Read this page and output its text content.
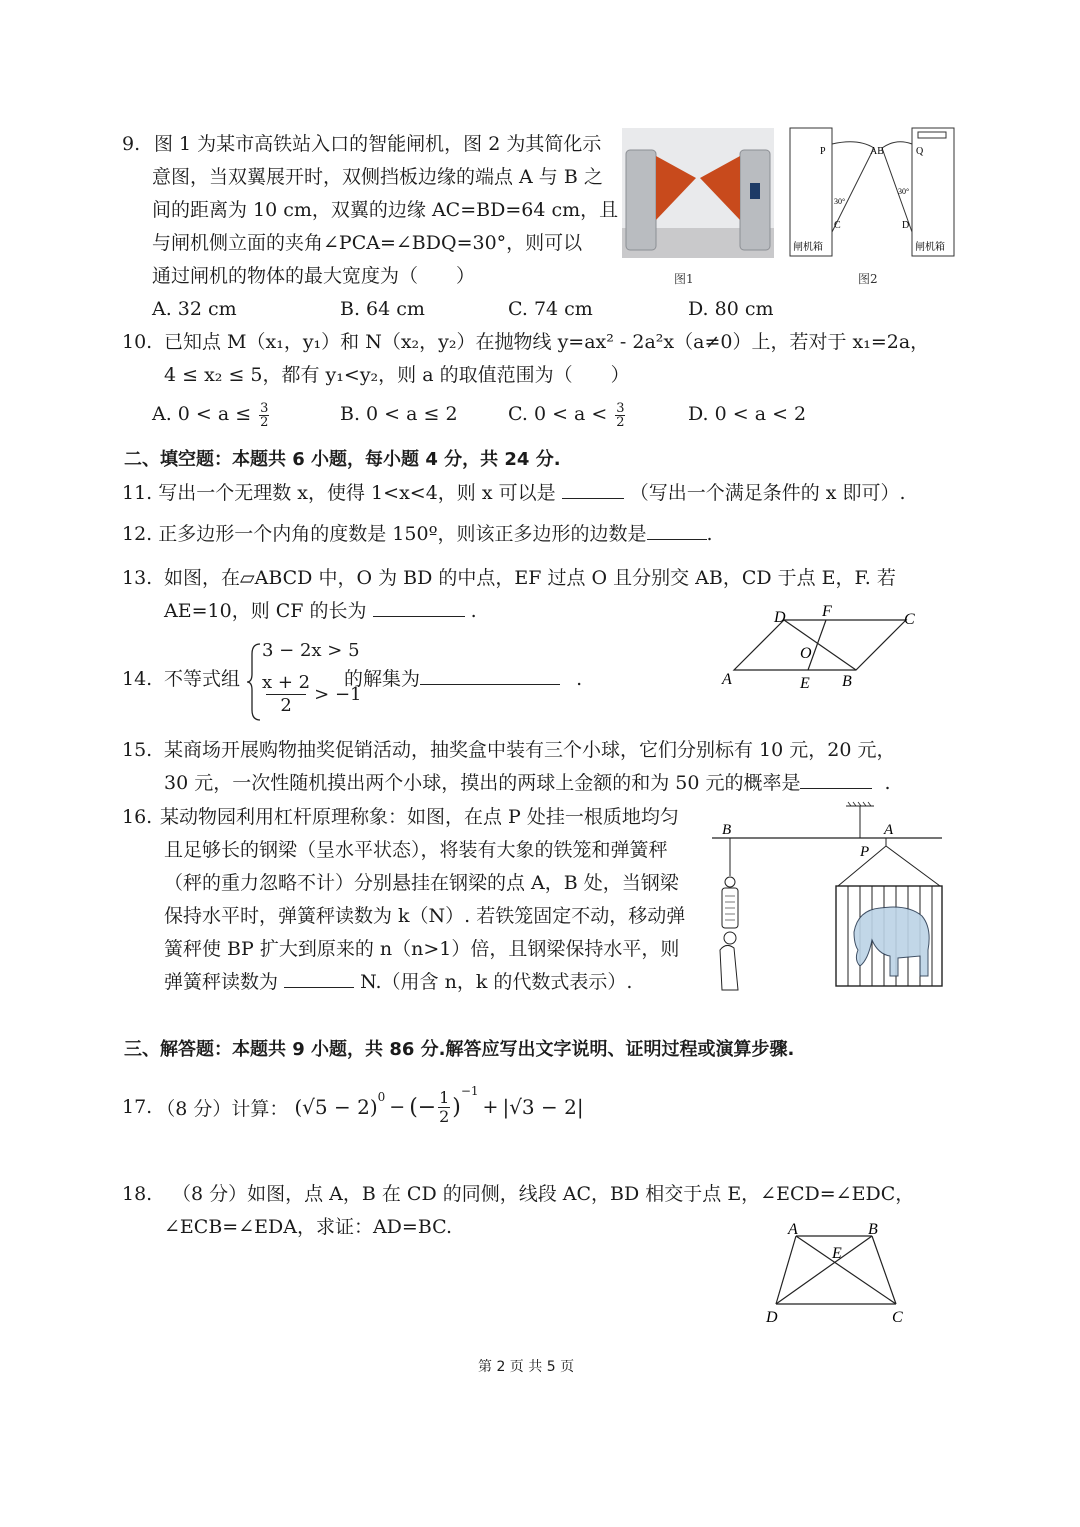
9. 图 1 为某市高铁站入口的智能闸机，图 2 为其简化示
意图，当双翼展开时，双侧挡板边缘的端点 A 与 B 之
间的距离为 10 cm，双翼的边缘 AC=BD=64 cm，且
与闸机侧立面的夹角∠PCA=∠BDQ=30°，则可以
通过闸机的物体的最大宽度为（　　）
A. 32 cm	B. 64 cm	C. 74 cm	D. 80 cm
图1
P	Q
AB
C	D
30°
30°
闸机箱	闸机箱
图2
10. 已知点 M（x₁，y₁）和 N（x₂，y₂）在抛物线 y=ax² - 2a²x（a≠0）上，若对于 x₁=2a，
4 ≤ x₂ ≤ 5，都有 y₁<y₂，则 a 的取值范围为（　　）
A. $0 < a \le \frac{3}{2}$	B. 0 < a ≤ 2	C. $0 < a < \frac{3}{2}$	D. 0 < a < 2
二、填空题：本题共 6 小题，每小题 4 分，共 24 分.
11. 写出一个无理数 x，使得 1<x<4，则 x 可以是	（写出一个满足条件的 x 即可）.
12. 正多边形一个内角的度数是 150º，则该正多边形的边数是	.
13. 如图，在▱ABCD 中，O 为 BD 的中点，EF 过点 O 且分别交 AB，CD 于点 E，F. 若
AE=10，则 CF 的长为	.
A	B
C
D
E
F
O
14. 不等式组
3 − 2x > 5
x + 2
2
> −1
的解集为	.
15. 某商场开展购物抽奖促销活动，抽奖盒中装有三个小球，它们分别标有 10 元，20 元，
30 元，一次性随机摸出两个小球，摸出的两球上金额的和为 50 元的概率是	.
16. 某动物园利用杠杆原理称象：如图，在点 P 处挂一根质地均匀
且足够长的钢梁（呈水平状态），将装有大象的铁笼和弹簧秤
（秤的重力忽略不计）分别悬挂在钢梁的点 A，B 处，当钢梁
保持水平时，弹簧秤读数为 k（N）. 若铁笼固定不动，移动弹
簧秤使 BP 扩大到原来的 n（n>1）倍，且钢梁保持水平，则
弹簧秤读数为	N.（用含 n，k 的代数式表示）.
B	A
P
三、解答题：本题共 9 小题，共 86 分.解答应写出文字说明、证明过程或演算步骤.
17. （8 分）计算： $(√5 - 2)^0$ − (− 1
2 )
$^{-1}$
+ |√3 − 2|
18. （8 分）如图，点 A，B 在 CD 的同侧，线段 AC，BD 相交于点 E，∠ECD=∠EDC，
∠ECB=∠EDA，求证：AD=BC.	A	B
D	C
E
第 2 页 共 5 页
